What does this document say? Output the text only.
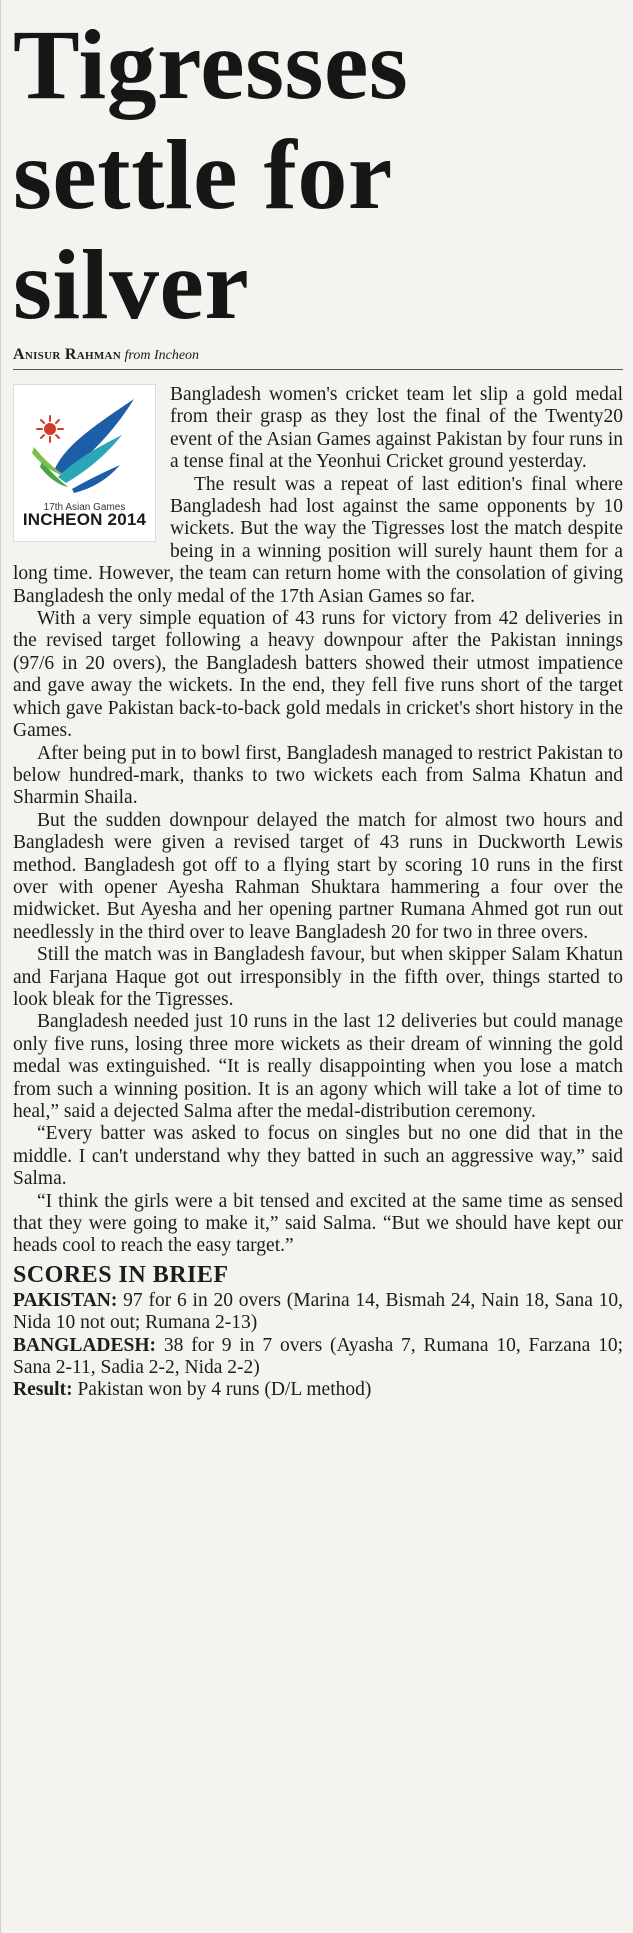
Tigresses settle for silver
Anisur Rahman from Incheon
17th Asian Games
INCHEON 2014

Bangladesh women's cricket team let slip a gold medal from their grasp as they lost the final of the Twenty20 event of the Asian Games against Pakistan by four runs in a tense final at the Yeonhui Cricket ground yesterday.

The result was a repeat of last edition's final where Bangladesh had lost against the same opponents by 10 wickets. But the way the Tigresses lost the match despite being in a winning position will surely haunt them for a long time. However, the team can return home with the consolation of giving Bangladesh the only medal of the 17th Asian Games so far.

With a very simple equation of 43 runs for victory from 42 deliveries in the revised target following a heavy downpour after the Pakistan innings (97/6 in 20 overs), the Bangladesh batters showed their utmost impatience and gave away the wickets. In the end, they fell five runs short of the target which gave Pakistan back-to-back gold medals in cricket's short history in the Games.

After being put in to bowl first, Bangladesh managed to restrict Pakistan to below hundred-mark, thanks to two wickets each from Salma Khatun and Sharmin Shaila.

But the sudden downpour delayed the match for almost two hours and Bangladesh were given a revised target of 43 runs in Duckworth Lewis method. Bangladesh got off to a flying start by scoring 10 runs in the first over with opener Ayesha Rahman Shuktara hammering a four over the midwicket. But Ayesha and her opening partner Rumana Ahmed got run out needlessly in the third over to leave Bangladesh 20 for two in three overs.

Still the match was in Bangladesh favour, but when skipper Salam Khatun and Farjana Haque got out irresponsibly in the fifth over, things started to look bleak for the Tigresses.

Bangladesh needed just 10 runs in the last 12 deliveries but could manage only five runs, losing three more wickets as their dream of winning the gold medal was extinguished. “It is really disappointing when you lose a match from such a winning position. It is an agony which will take a lot of time to heal,” said a dejected Salma after the medal-distribution ceremony.

“Every batter was asked to focus on singles but no one did that in the middle. I can't understand why they batted in such an aggressive way,” said Salma.

“I think the girls were a bit tensed and excited at the same time as sensed that they were going to make it,” said Salma. “But we should have kept our heads cool to reach the easy target.”

SCORES IN BRIEF

PAKISTAN: 97 for 6 in 20 overs (Marina 14, Bismah 24, Nain 18, Sana 10, Nida 10 not out; Rumana 2-13)

BANGLADESH: 38 for 9 in 7 overs (Ayasha 7, Rumana 10, Farzana 10; Sana 2-11, Sadia 2-2, Nida 2-2)

Result: Pakistan won by 4 runs (D/L method)
